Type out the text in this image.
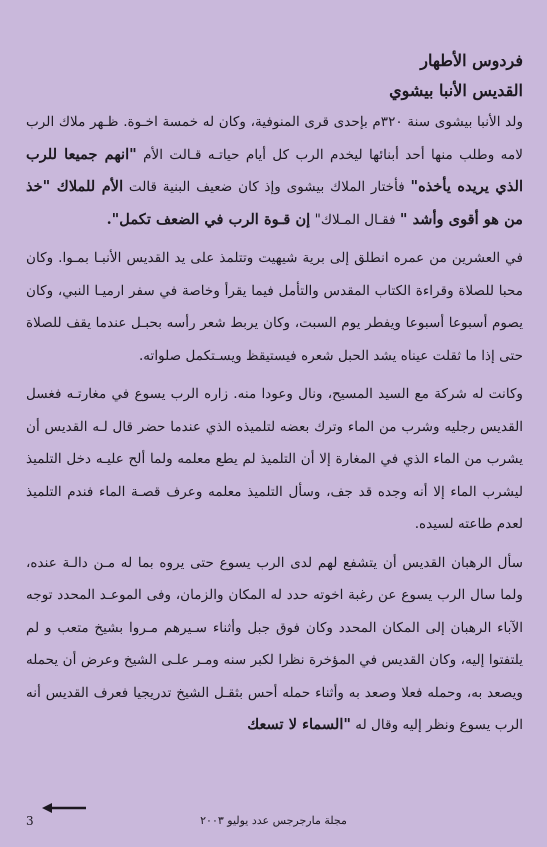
فردوس الأطهار
القديس الأنبا بيشوي

ولد الأنبا بيشوى سنة ٣٢٠م بإحدى قرى المنوفية، وكان له خمسة اخـوة. ظـهر ملاك الرب لامه وطلب منها أحد أبنائها ليخدم الرب كل أيام حياتـه قـالت الأم "انهم جميعا للرب الذي يريده يأخذه" فأختار الملاك بيشوى وإذ كان ضعيف البنية قالت الأم للملاك "خذ من هو أقوى وأشد " فقـال المـلاك" إن قـوة الرب في الضعف تكمل".

في العشرين من عمره انطلق إلى برية شيهيت وتتلمذ على يد القديس الأنبـا بمـوا. وكان محبا للصلاة وقراءة الكتاب المقدس والتأمل فيما يقرأ وخاصة في سفر ارميـا النبي، وكان يصوم أسبوعا أسبوعا ويفطر يوم السبت، وكان يربط شعر رأسه بحبـل عندما يقف للصلاة حتى إذا ما ثقلت عيناه يشد الحبل شعره فيستيقظ ويسـتكمل صلواته.

وكانت له شركة مع السيد المسيح، ونال وعودا منه. زاره الرب يسوع في مغارتـه فغسل القديس رجليه وشرب من الماء وترك بعضه لتلميذه الذي عندما حضر قال لـه القديس أن يشرب من الماء الذي في المغارة إلا أن التلميذ لم يطع معلمه ولما ألح عليـه دخل التلميذ ليشرب الماء إلا أنه وجده قد جف، وسأل التلميذ معلمه وعرف قصـة الماء فندم التلميذ لعدم طاعته لسيده.

سأل الرهبان القديس أن يتشفع لهم لدى الرب يسوع حتى يروه بما له مـن دالـة عنده، ولما سال الرب يسوع عن رغبة اخوته حدد له المكان والزمان، وفى الموعـد المحدد توجه الآباء الرهبان إلى المكان المحدد وكان فوق جبل وأثناء سـيرهم مـروا بشيخ متعب و لم يلتفتوا إليه، وكان القديس في المؤخرة نظرا لكبر سنه ومـر علـى الشيخ وعرض أن يحمله ويصعد به، وحمله فعلا وصعد به وأثناء حمله أحس بثقـل الشيخ تدريجيا فعرف القديس أنه الرب يسوع ونظر إليه وقال له "السماء لا تسعك

3	مجلة مارجرجس عدد يوليو ٢٠٠٣
